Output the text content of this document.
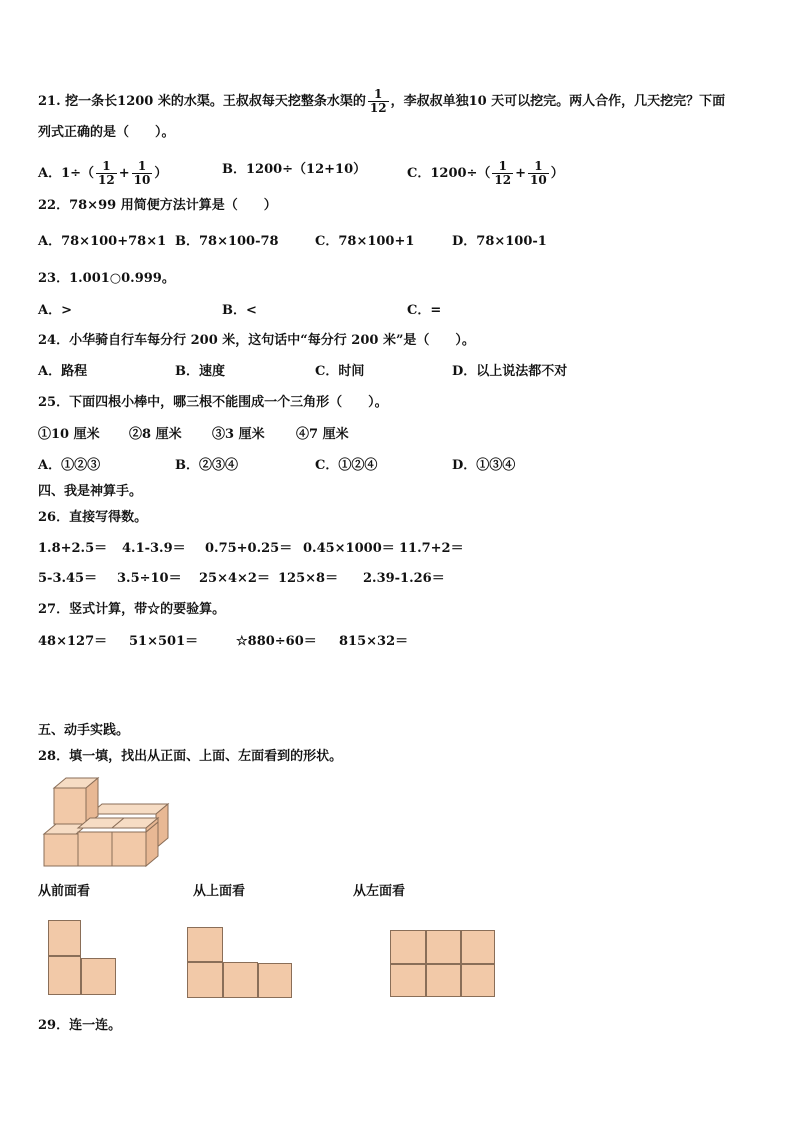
21. 挖一条长1200 米的水渠。王叔叔每天挖整条水渠的 $\frac{1}{12}$ ，李叔叔单独10 天可以挖完。两人合作，几天挖完？下面
列式正确的是（　　）。
A．$1\div( \frac{1}{12} + \frac{1}{10}$ ）	B．1200÷（12+10）	C．$1200\div( \frac{1}{12} + \frac{1}{10}$ ）
22．78×99 用简便方法计算是（　　）
A．78×100+78×1 B．78×100-78	C．78×100+1	D．78×100-1
23．1.001○0.999。
A．>	B．<	C．=
24．小华骑自行车每分行 200 米，这句话中“每分行 200 米”是（　　）。
A．路程	B．速度	C．时间	D．以上说法都不对
25．下面四根小棒中，哪三根不能围成一个三角形（　　）。
①10 厘米 ②8 厘米 ③3 厘米 ④7 厘米
A．①②③	B．②③④	C．①②④	D．①③④
四、我是神算手。
26．直接写得数。
1.8+2.5＝ 4.1-3.9＝ 0.75+0.25＝ 0.45×1000＝ 11.7+2＝
5-3.45＝ 3.5÷10＝ 25×4×2＝ 125×8＝ 2.39-1.26＝
27．竖式计算，带☆的要验算。
48×127＝ 51×501＝	☆880÷60＝ 815×32＝
五、动手实践。
28．填一填，找出从正面、上面、左面看到的形状。
从前面看	从上面看	从左面看
29．连一连。
